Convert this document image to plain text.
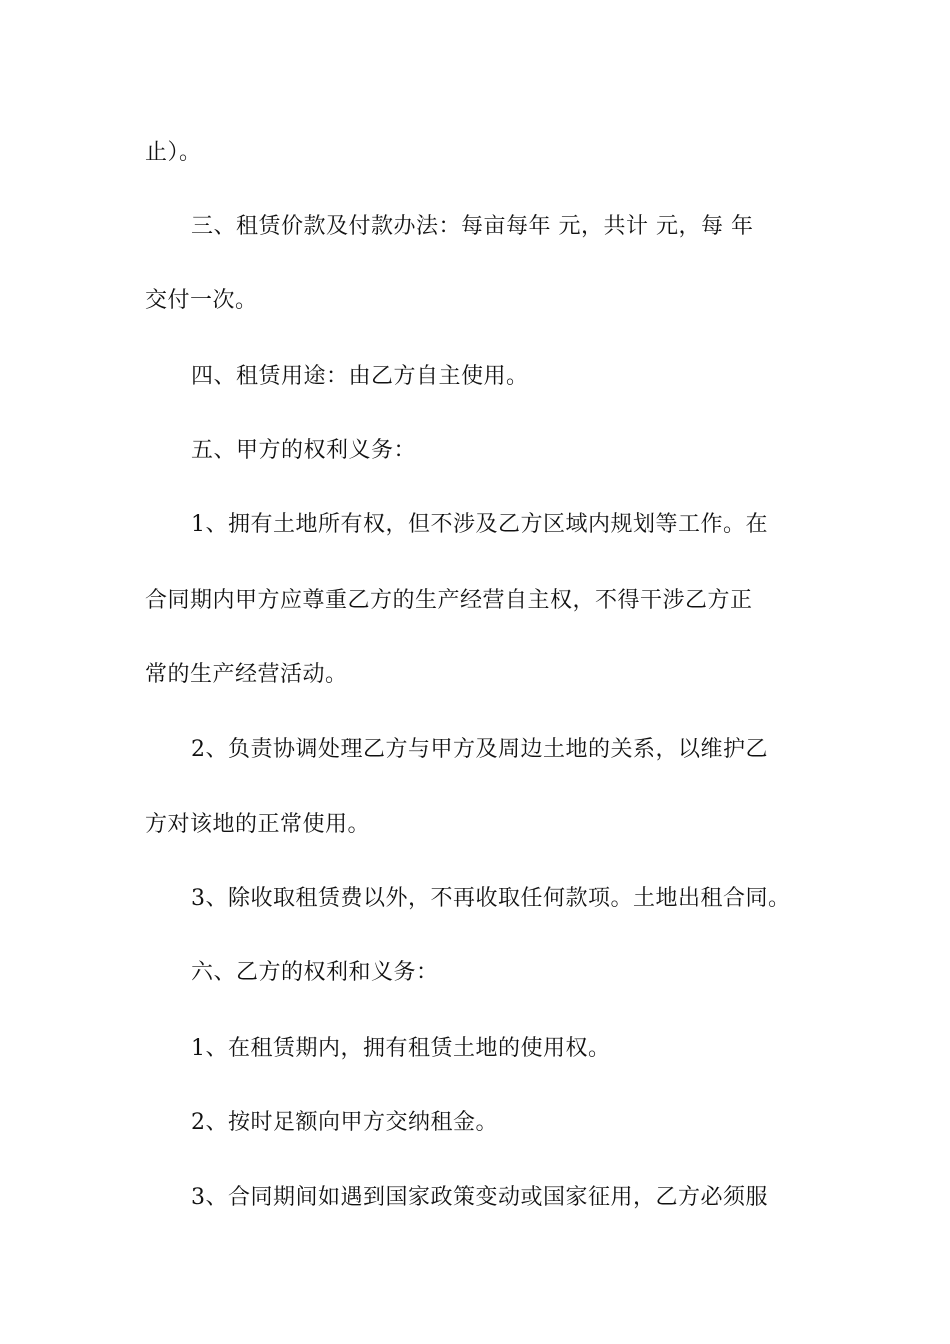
止）。
三、租赁价款及付款办法：每亩每年 元，共计 元，每 年
交付一次。
四、租赁用途：由乙方自主使用。
五、甲方的权利义务：
1、拥有土地所有权，但不涉及乙方区域内规划等工作。在
合同期内甲方应尊重乙方的生产经营自主权，不得干涉乙方正
常的生产经营活动。
2、负责协调处理乙方与甲方及周边土地的关系，以维护乙
方对该地的正常使用。
3、除收取租赁费以外，不再收取任何款项。土地出租合同。
六、乙方的权利和义务：
1、在租赁期内，拥有租赁土地的使用权。
2、按时足额向甲方交纳租金。
3、合同期间如遇到国家政策变动或国家征用，乙方必须服
